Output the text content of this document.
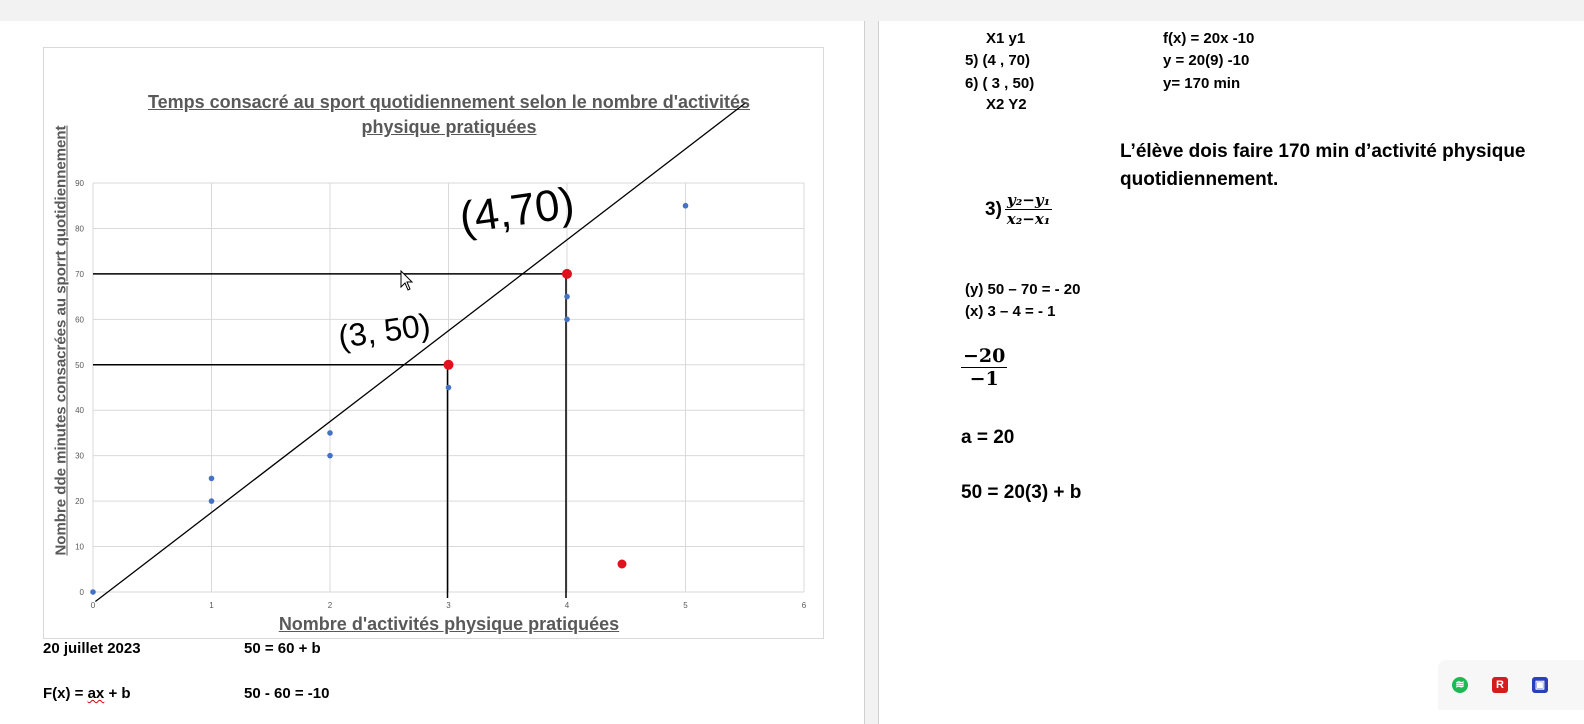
Temps consacré au sport quotidiennement selon le nombre d'activités physique pratiquées
Nombre d'activités physique pratiquées
Nombre dde minutes consacrées au sporrt quotidiennement
0
10
20
30
40
50
60
70
80
90
0	1	2	3	4	5	6
(4,70)
(3, 50)
20 juillet 2023	50 = 60 + b
F(x) = ax + b	50 - 60 = -10
X1 y1
5) (4 , 70)
6) ( 3 , 50)
X2 Y2
f(x) = 20x -10
y = 20(9) -10
y= 170 min
L’élève dois faire 170 min d’activité physique
quotidiennement.
$3) \frac{\text{y₂−y₁}}{\text{x₂−x₁}}$
(y) 50 – 70 = - 20
(x) 3 – 4 = - 1
$\frac{-20}{-1}$
a = 20
50 = 20(3) + b
≋	R	▣
